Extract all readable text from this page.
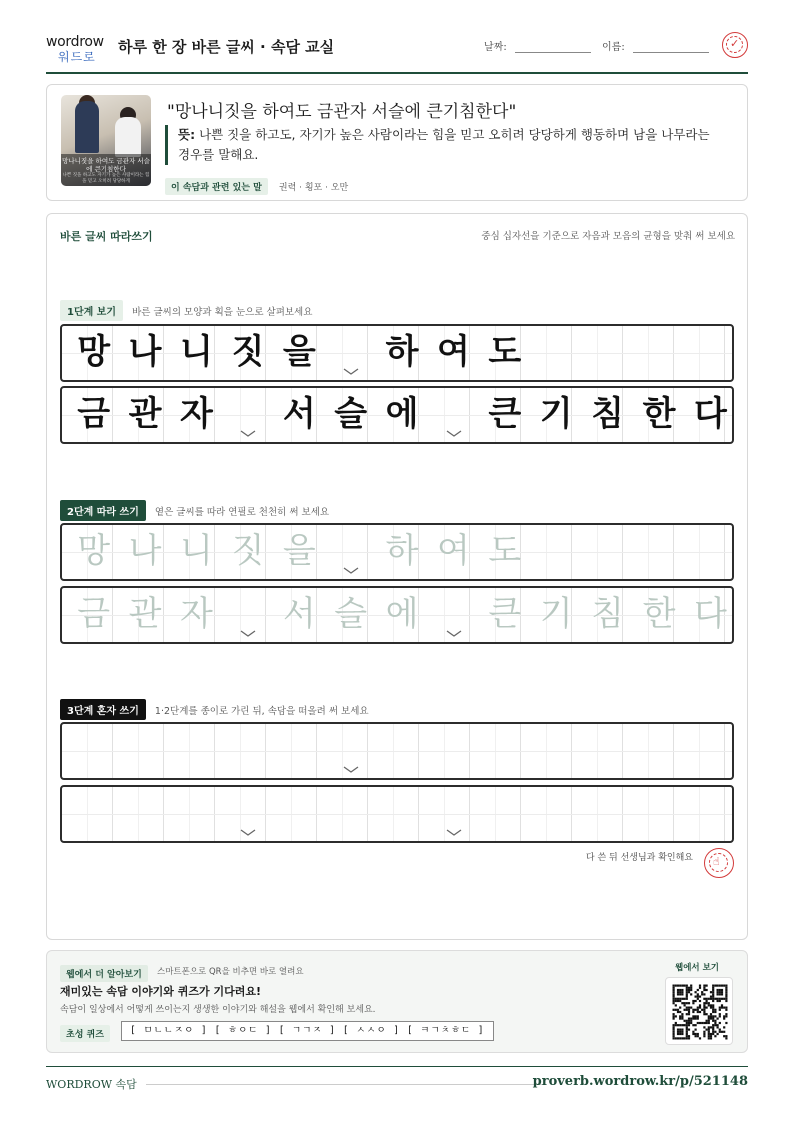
wordrow
워드로
하루 한 장 바른 글씨 · 속담 교실	날짜:	이름:	✓
망나니짓을 하여도 금관자 서슬에 큰기침한다
나쁜 짓을 하고도 자기가 높은 사람이라는 힘을 믿고 오히려 당당하게
"망나니짓을 하여도 금관자 서슬에 큰기침한다"
뜻: 나쁜 짓을 하고도, 자기가 높은 사람이라는 힘을 믿고 오히려 당당하게 행동하며 남을 나무라는 경우를 말해요.
이 속담과 관련 있는 말 권력 · 횡포 · 오만
바른 글씨 따라쓰기	중심 십자선을 기준으로 자음과 모음의 균형을 맞춰 써 보세요
1단계 보기 바른 글씨의 모양과 획을 눈으로 살펴보세요
망 나 니 짓 을 하 여 도
금 관 자 서 슬 에 큰 기 침 한 다
2단계 따라 쓰기 옅은 글씨를 따라 연필로 천천히 써 보세요
망 나 니 짓 을 하 여 도
금 관 자 서 슬 에 큰 기 침 한 다
3단계 혼자 쓰기 1·2단계를 종이로 가린 뒤, 속담을 떠올려 써 보세요
다 쓴 뒤 선생님과 확인해요 ☝
웹에서 더 알아보기	스마트폰으로 QR을 비추면 바로 열려요
재미있는 속담 이야기와 퀴즈가 기다려요!
속담이 일상에서 어떻게 쓰이는지 생생한 이야기와 해설을 웹에서 확인해 보세요.
초성 퀴즈	[ ㅁㄴㄴㅈㅇ ] [ ㅎㅇㄷ ] [ ㄱㄱㅈ ] [ ㅅㅅㅇ ] [ ㅋㄱㅊㅎㄷ ]
웹에서 보기
WORDROW 속담	proverb.wordrow.kr/p/521148
